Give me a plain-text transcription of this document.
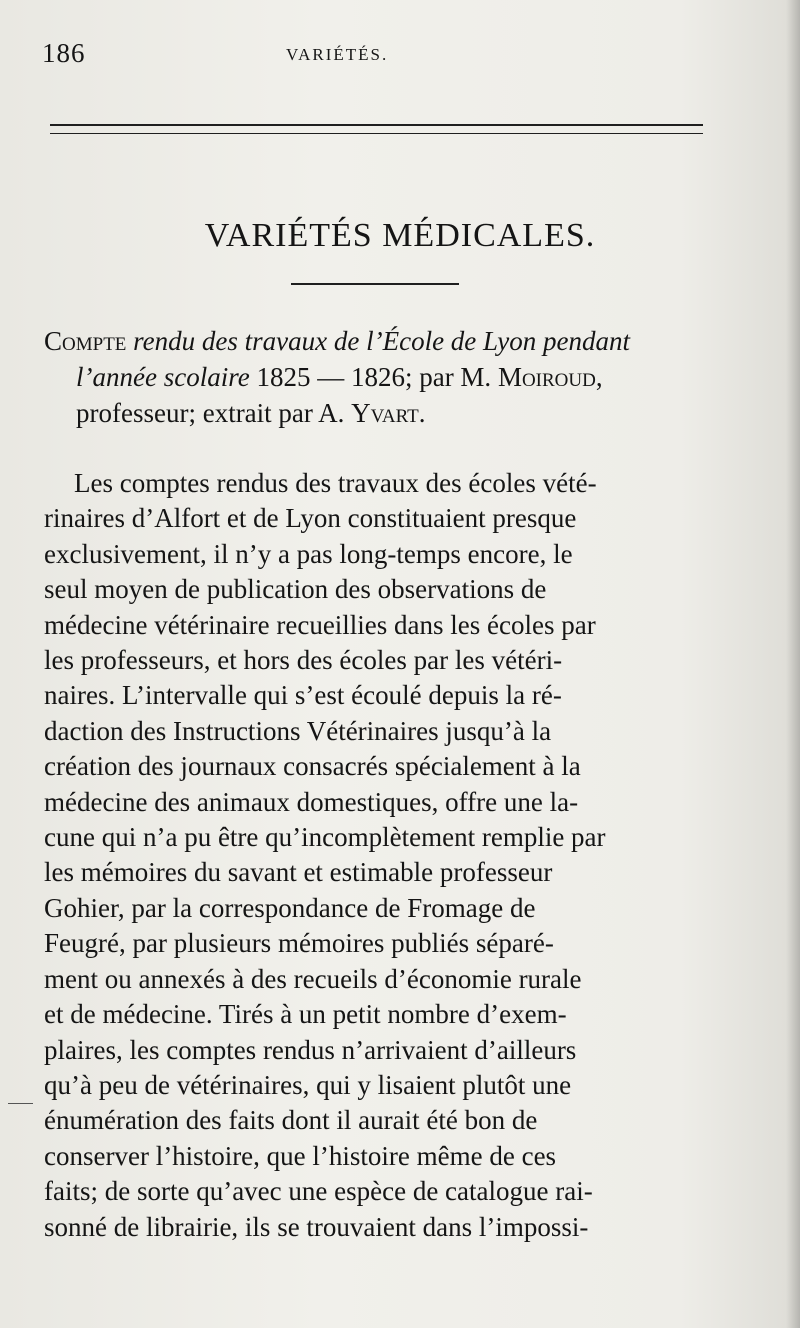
186	VARIÉTÉS.
VARIÉTÉS MÉDICALES.
Compte rendu des travaux de l’École de Lyon pendant
l’année scolaire 1825 — 1826; par M. Moiroud,
professeur; extrait par A. Yvart.
Les comptes rendus des travaux des écoles vété-
rinaires d’Alfort et de Lyon constituaient presque
exclusivement, il n’y a pas long-temps encore, le
seul moyen de publication des observations de
médecine vétérinaire recueillies dans les écoles par
les professeurs, et hors des écoles par les vétéri-
naires. L’intervalle qui s’est écoulé depuis la ré-
daction des Instructions Vétérinaires jusqu’à la
création des journaux consacrés spécialement à la
médecine des animaux domestiques, offre une la-
cune qui n’a pu être qu’incomplètement remplie par
les mémoires du savant et estimable professeur
Gohier, par la correspondance de Fromage de
Feugré, par plusieurs mémoires publiés séparé-
ment ou annexés à des recueils d’économie rurale
et de médecine. Tirés à un petit nombre d’exem-
plaires, les comptes rendus n’arrivaient d’ailleurs
qu’à peu de vétérinaires, qui y lisaient plutôt une
énumération des faits dont il aurait été bon de
conserver l’histoire, que l’histoire même de ces
faits; de sorte qu’avec une espèce de catalogue rai-
sonné de librairie, ils se trouvaient dans l’impossi-
